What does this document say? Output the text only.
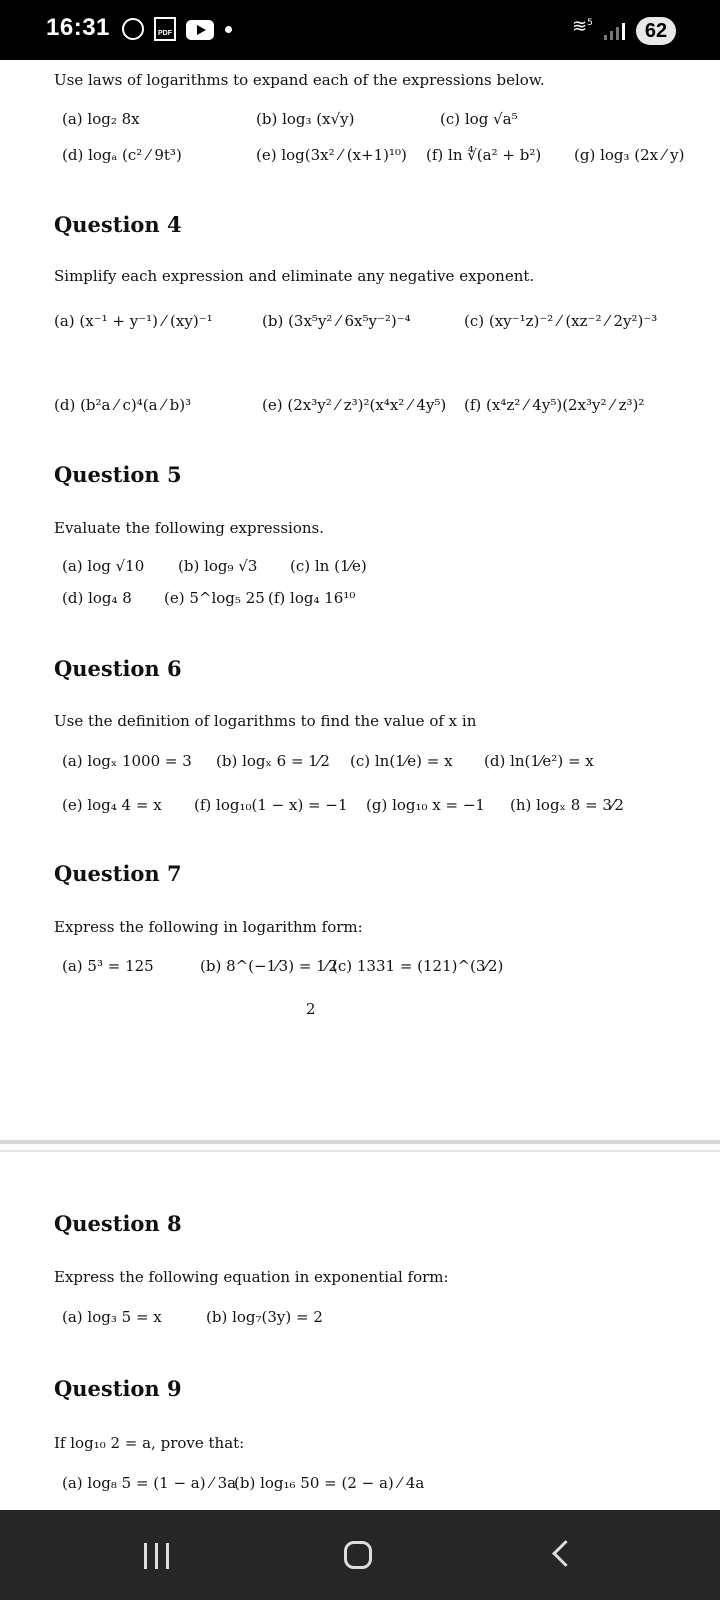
16:31	PDF	≋$^5$	62
Use laws of logarithms to expand each of the expressions below.
(a) log₂ 8x	(b) log₃ (x√y)	(c) log √a⁵
(d) logₐ (c² ⁄ 9t³)	(e) log(3x² ⁄ (x+1)¹⁰) (f) ln ∜(a² + b²) (g) log₃ (2x ⁄ y)
Question 4
Simplify each expression and eliminate any negative exponent.
(a) (x⁻¹ + y⁻¹) ⁄ (xy)⁻¹	(b) (3x⁵y² ⁄ 6x⁵y⁻²)⁻⁴	(c) (xy⁻¹z)⁻² ⁄ (xz⁻² ⁄ 2y²)⁻³
(d) (b²a ⁄ c)⁴(a ⁄ b)³	(e) (2x³y² ⁄ z³)²(x⁴x² ⁄ 4y⁵) (f) (x⁴z² ⁄ 4y⁵)(2x³y² ⁄ z³)²
Question 5
Evaluate the following expressions.
(a) log √10 (b) log₉ √3 (c) ln (1⁄e)
(d) log₄ 8 (e) 5^log₅ 25 (f) log₄ 16¹⁰
Question 6
Use the definition of logarithms to find the value of x in
(a) logₓ 1000 = 3 (b) logₓ 6 = 1⁄2 (c) ln(1⁄e) = x (d) ln(1⁄e²) = x
(e) log₄ 4 = x (f) log₁₀(1 − x) = −1 (g) log₁₀ x = −1 (h) logₓ 8 = 3⁄2
Question 7
Express the following in logarithm form:
(a) 5³ = 125	(b) 8^(−1⁄3) = 1⁄2
(c) 1331 = (121)^(3⁄2)
2
Question 8
Express the following equation in exponential form:
(a) log₃ 5 = x	(b) log₇(3y) = 2
Question 9
If log₁₀ 2 = a, prove that:
(a) log₈ 5 = (1 − a) ⁄ 3a
(b) log₁₆ 50 = (2 − a) ⁄ 4a
